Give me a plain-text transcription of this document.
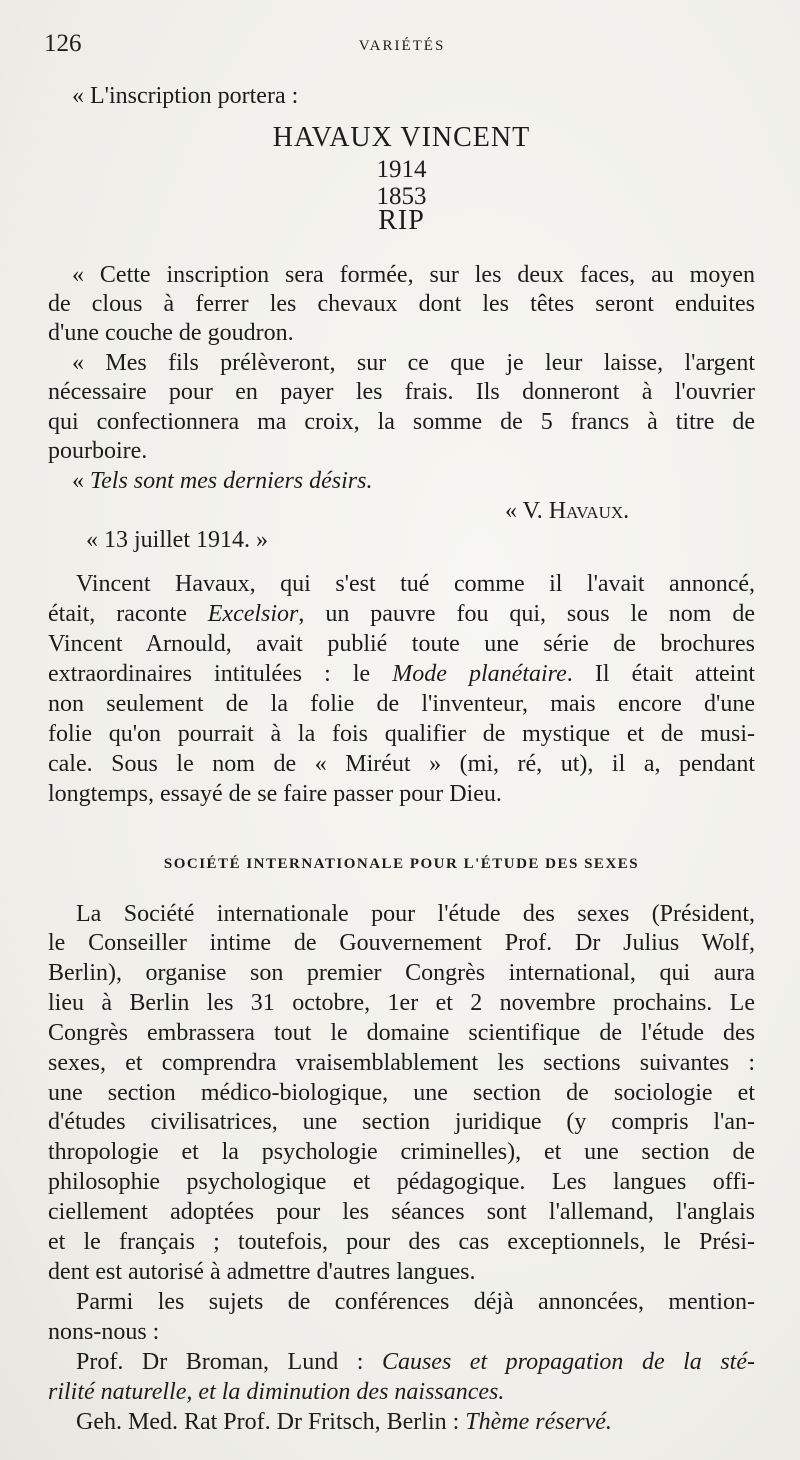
126	VARIÉTÉS
« L'inscription portera :
HAVAUX VINCENT
1914
1853
RIP
« Cette inscription sera formée, sur les deux faces, au moyen
de clous à ferrer les chevaux dont les têtes seront enduites
d'une couche de goudron.
« Mes fils prélèveront, sur ce que je leur laisse, l'argent
nécessaire pour en payer les frais. Ils donneront à l'ouvrier
qui confectionnera ma croix, la somme de 5 francs à titre de
pourboire.
« Tels sont mes derniers désirs.
« V. Havaux.
« 13 juillet 1914. »
Vincent Havaux, qui s'est tué comme il l'avait annoncé,
était, raconte Excelsior, un pauvre fou qui, sous le nom de
Vincent Arnould, avait publié toute une série de brochures
extraordinaires intitulées : le Mode planétaire. Il était atteint
non seulement de la folie de l'inventeur, mais encore d'une
folie qu'on pourrait à la fois qualifier de mystique et de musi-
cale. Sous le nom de « Miréut » (mi, ré, ut), il a, pendant
longtemps, essayé de se faire passer pour Dieu.
SOCIÉTÉ INTERNATIONALE POUR L'ÉTUDE DES SEXES
La Société internationale pour l'étude des sexes (Président,
le Conseiller intime de Gouvernement Prof. Dr Julius Wolf,
Berlin), organise son premier Congrès international, qui aura
lieu à Berlin les 31 octobre, 1er et 2 novembre prochains. Le
Congrès embrassera tout le domaine scientifique de l'étude des
sexes, et comprendra vraisemblablement les sections suivantes :
une section médico-biologique, une section de sociologie et
d'études civilisatrices, une section juridique (y compris l'an-
thropologie et la psychologie criminelles), et une section de
philosophie psychologique et pédagogique. Les langues offi-
ciellement adoptées pour les séances sont l'allemand, l'anglais
et le français ; toutefois, pour des cas exceptionnels, le Prési-
dent est autorisé à admettre d'autres langues.
Parmi les sujets de conférences déjà annoncées, mention-
nons-nous :
Prof. Dr Broman, Lund : Causes et propagation de la sté-
rilité naturelle, et la diminution des naissances.
Geh. Med. Rat Prof. Dr Fritsch, Berlin : Thème réservé.
